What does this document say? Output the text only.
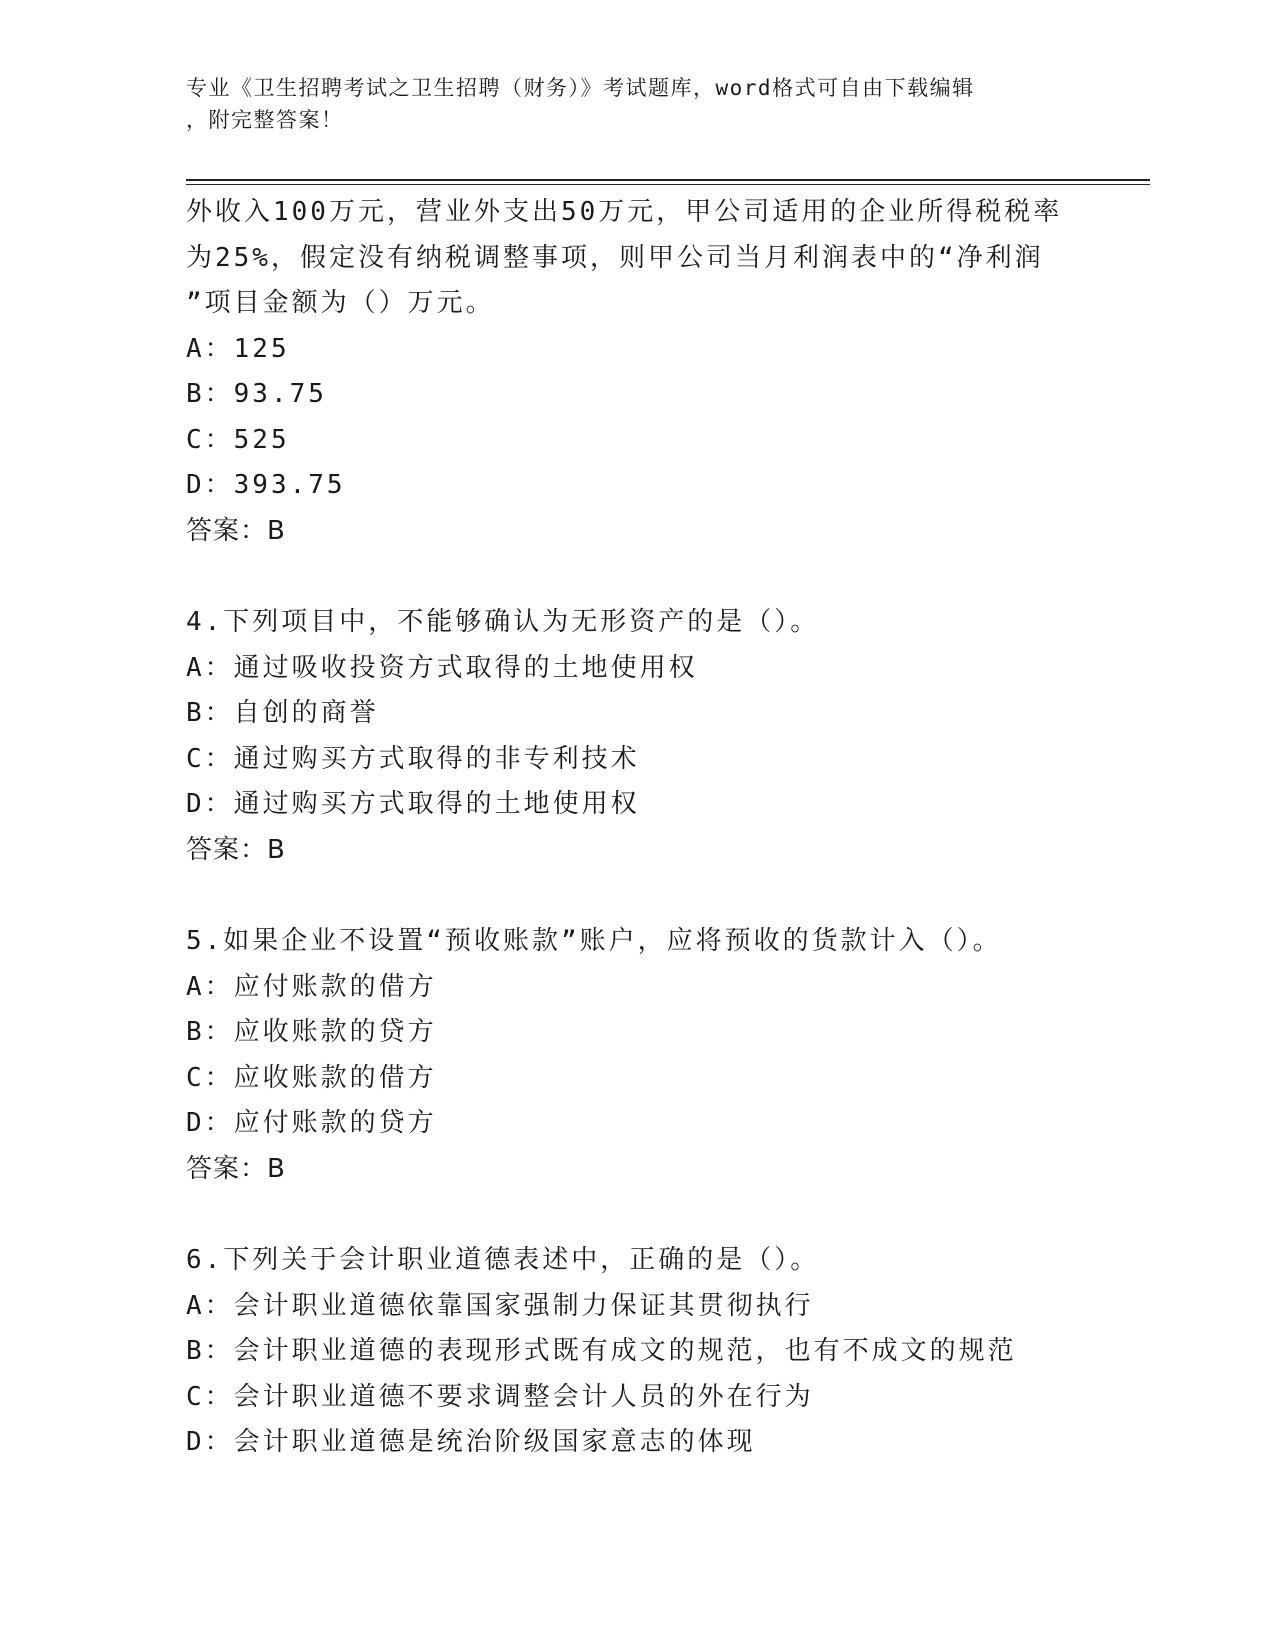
专业《卫生招聘考试之卫生招聘（财务）》考试题库，word格式可自由下载编辑
，附完整答案！
外收入100万元，营业外支出50万元，甲公司适用的企业所得税税率
为25%，假定没有纳税调整事项，则甲公司当月利润表中的“净利润
”项目金额为（）万元。
A：125
B：93.75
C：525
D：393.75
答案：B
4.下列项目中，不能够确认为无形资产的是（）。
A：通过吸收投资方式取得的土地使用权
B：自创的商誉
C：通过购买方式取得的非专利技术
D：通过购买方式取得的土地使用权
答案：B
5.如果企业不设置“预收账款”账户，应将预收的货款计入（）。
A：应付账款的借方
B：应收账款的贷方
C：应收账款的借方
D：应付账款的贷方
答案：B
6.下列关于会计职业道德表述中，正确的是（）。
A：会计职业道德依靠国家强制力保证其贯彻执行
B：会计职业道德的表现形式既有成文的规范，也有不成文的规范
C：会计职业道德不要求调整会计人员的外在行为
D：会计职业道德是统治阶级国家意志的体现
